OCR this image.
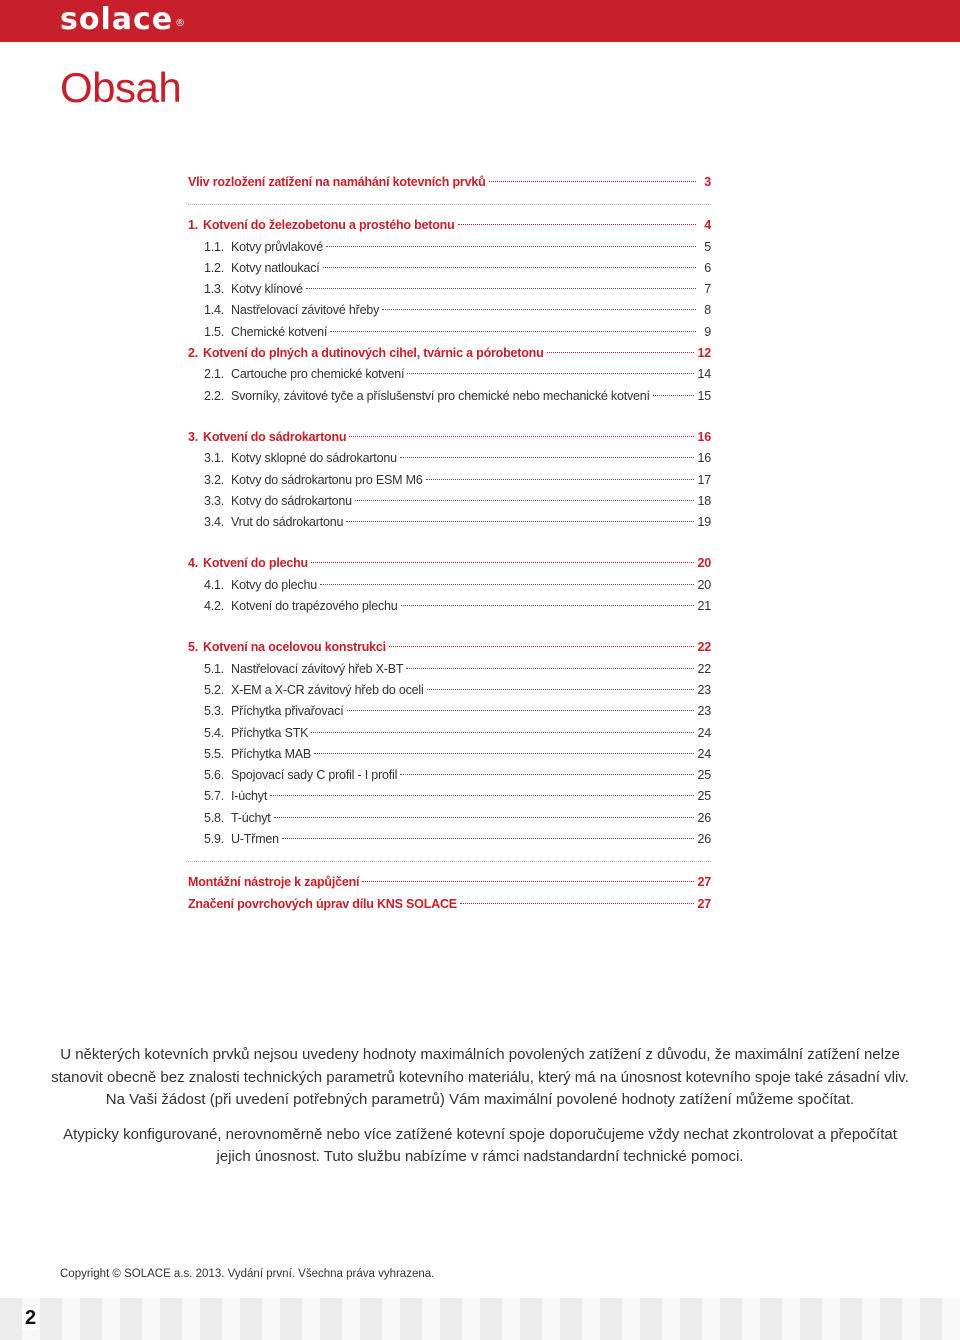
solace ®
Obsah
Vliv rozložení zatížení na namáhání kotevních prvků	3
1. Kotvení do železobetonu a prostého betonu	4
1.1. Kotvy průvlakové	5
1.2. Kotvy natloukací	6
1.3. Kotvy klínové	7
1.4. Nastřelovací závitové hřeby	8
1.5. Chemické kotvení	9
2. Kotvení do plných a dutinových cihel, tvárnic a pórobetonu	12
2.1. Cartouche pro chemické kotvení	14
2.2. Svorníky, závitové tyče a příslušenství pro chemické nebo mechanické kotvení	15
3. Kotvení do sádrokartonu	16
3.1. Kotvy sklopné do sádrokartonu	16
3.2. Kotvy do sádrokartonu pro ESM M6	17
3.3. Kotvy do sádrokartonu	18
3.4. Vrut do sádrokartonu	19
4. Kotvení do plechu	20
4.1. Kotvy do plechu	20
4.2. Kotvení do trapézového plechu	21
5. Kotvení na ocelovou konstrukci	22
5.1. Nastřelovací závitový hřeb X-BT	22
5.2. X-EM a X-CR závitový hřeb do oceli	23
5.3. Příchytka přivařovací	23
5.4. Příchytka STK	24
5.5. Příchytka MAB	24
5.6. Spojovací sady C profil - I profil	25
5.7. I-úchyt	25
5.8. T-úchyt	26
5.9. U-Třmen	26
Montážní nástroje k zapůjčení	27
Značení povrchových úprav dílu KNS SOLACE	27

U některých kotevních prvků nejsou uvedeny hodnoty maximálních povolených zatížení z důvodu, že maximální zatížení nelze
stanovit obecně bez znalosti technických parametrů kotevního materiálu, který má na únosnost kotevního spoje také zásadní vliv.
Na Vaši žádost (při uvedení potřebných parametrů) Vám maximální povolené hodnoty zatížení můžeme spočítat.

Atypicky konfigurované, nerovnoměrně nebo více zatížené kotevní spoje doporučujeme vždy nechat zkontrolovat a přepočítat
jejich únosnost. Tuto službu nabízíme v rámci nadstandardní technické pomoci.

Copyright © SOLACE a.s. 2013. Vydání první. Všechna práva vyhrazena.
2
